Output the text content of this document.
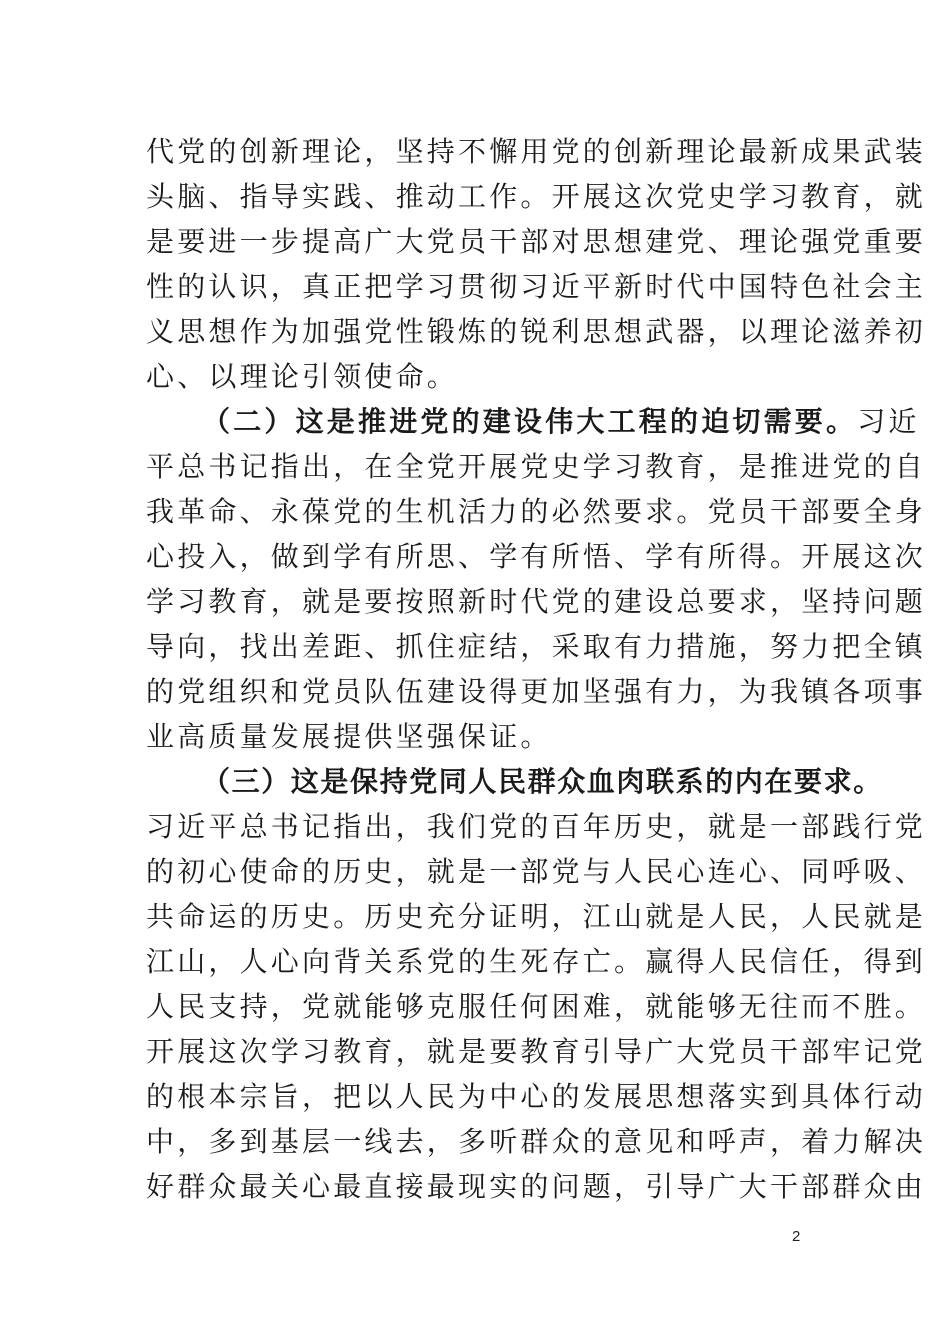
代党的创新理论，坚持不懈用党的创新理论最新成果武装
头脑、指导实践、推动工作。开展这次党史学习教育，就
是要进一步提高广大党员干部对思想建党、理论强党重要
性的认识，真正把学习贯彻习近平新时代中国特色社会主
义思想作为加强党性锻炼的锐利思想武器，以理论滋养初
心、以理论引领使命。
（二）这是推进党的建设伟大工程的迫切需要。习近
平总书记指出，在全党开展党史学习教育，是推进党的自
我革命、永葆党的生机活力的必然要求。党员干部要全身
心投入，做到学有所思、学有所悟、学有所得。开展这次
学习教育，就是要按照新时代党的建设总要求，坚持问题
导向，找出差距、抓住症结，采取有力措施，努力把全镇
的党组织和党员队伍建设得更加坚强有力，为我镇各项事
业高质量发展提供坚强保证。
（三）这是保持党同人民群众血肉联系的内在要求。
习近平总书记指出，我们党的百年历史，就是一部践行党
的初心使命的历史，就是一部党与人民心连心、同呼吸、
共命运的历史。历史充分证明，江山就是人民，人民就是
江山，人心向背关系党的生死存亡。赢得人民信任，得到
人民支持，党就能够克服任何困难，就能够无往而不胜。
开展这次学习教育，就是要教育引导广大党员干部牢记党
的根本宗旨，把以人民为中心的发展思想落实到具体行动
中，多到基层一线去，多听群众的意见和呼声，着力解决
好群众最关心最直接最现实的问题，引导广大干部群众由
2
